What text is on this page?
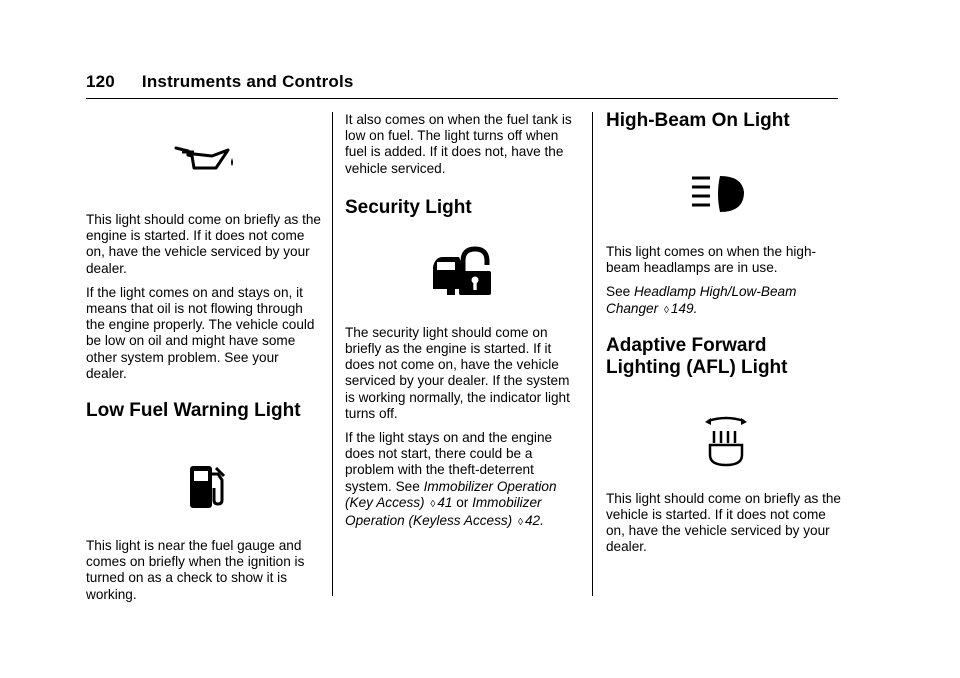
120 Instruments and Controls

This light should come on briefly as the engine is started. If it does not come on, have the vehicle serviced by your dealer.

If the light comes on and stays on, it means that oil is not flowing through the engine properly. The vehicle could be low on oil and might have some other system problem. See your dealer.

Low Fuel Warning Light

This light is near the fuel gauge and comes on briefly when the ignition is turned on as a check to show it is working.

It also comes on when the fuel tank is low on fuel. The light turns off when fuel is added. If it does not, have the vehicle serviced.

Security Light

The security light should come on briefly as the engine is started. If it does not come on, have the vehicle serviced by your dealer. If the system is working normally, the indicator light turns off.

If the light stays on and the engine does not start, there could be a problem with the theft-deterrent system. See Immobilizer Operation (Key Access) ◊ 41 or Immobilizer Operation (Keyless Access) ◊ 42.

High-Beam On Light

This light comes on when the high-beam headlamps are in use.

See Headlamp High/Low-Beam Changer ◊ 149.

Adaptive Forward
Lighting (AFL) Light

This light should come on briefly as the vehicle is started. If it does not come on, have the vehicle serviced by your dealer.
